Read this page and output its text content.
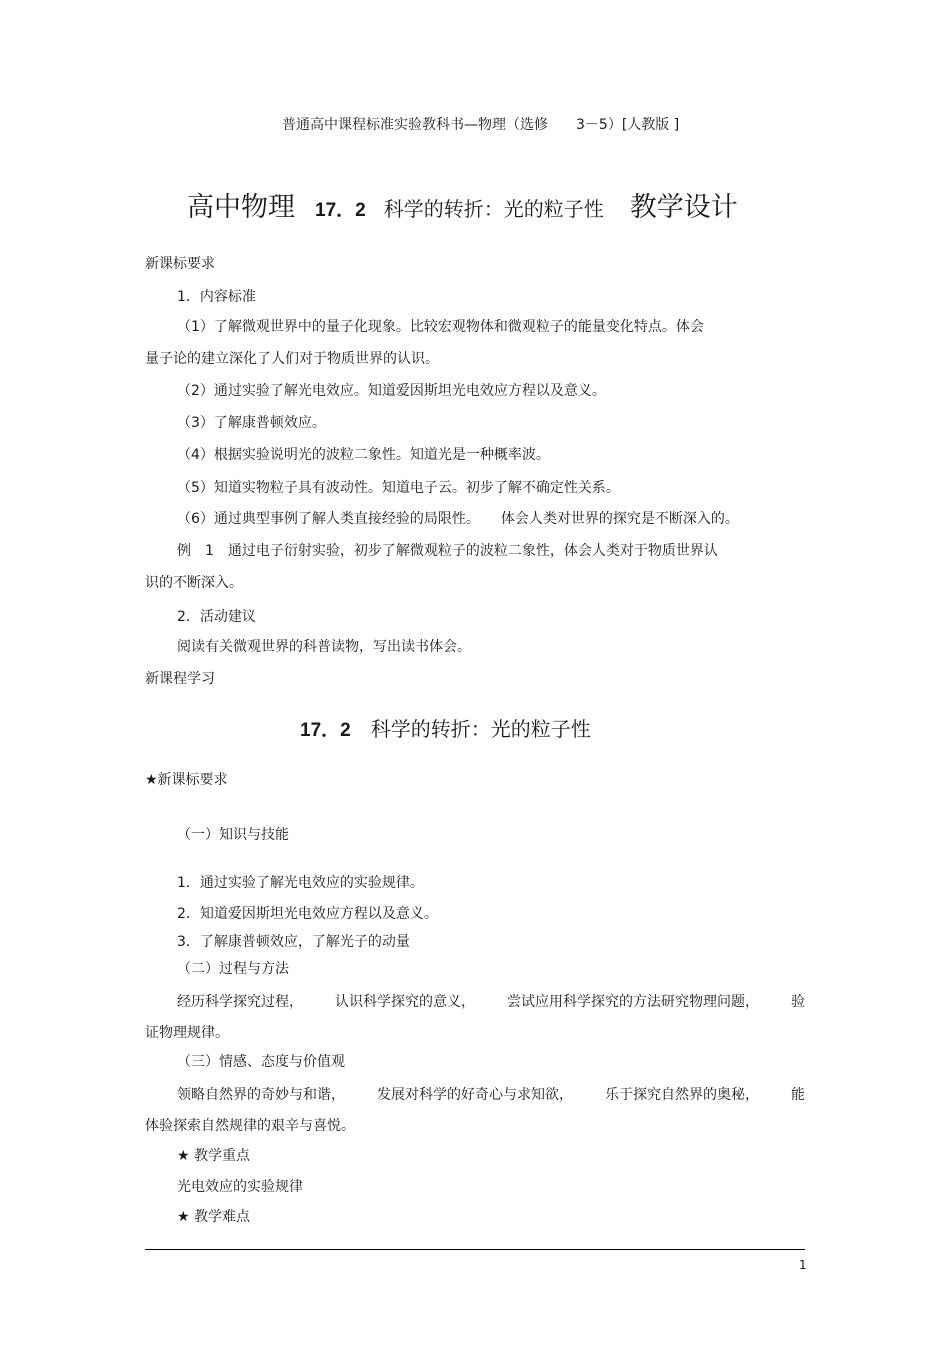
普通高中课程标准实验教科书—物理（选修　　3－5）[人教版 ]
高中物理 17．2 科学的转折：光的粒子性 教学设计
新课标要求
1．内容标准
（1）了解微观世界中的量子化现象。比较宏观物体和微观粒子的能量变化特点。体会
量子论的建立深化了人们对于物质世界的认识。
（2）通过实验了解光电效应。知道爱因斯坦光电效应方程以及意义。
（3）了解康普顿效应。
（4）根据实验说明光的波粒二象性。知道光是一种概率波。
（5）知道实物粒子具有波动性。知道电子云。初步了解不确定性关系。
（6）通过典型事例了解人类直接经验的局限性。　　体会人类对世界的探究是不断深入的。
例　1　通过电子衍射实验，初步了解微观粒子的波粒二象性，体会人类对于物质世界认
识的不断深入。
2．活动建议
阅读有关微观世界的科普读物，写出读书体会。
新课程学习
17．2 科学的转折：光的粒子性
★新课标要求
（一）知识与技能
1．通过实验了解光电效应的实验规律。
2．知道爱因斯坦光电效应方程以及意义。
3．了解康普顿效应，了解光子的动量
（二）过程与方法
经历科学探究过程， 认识科学探究的意义， 尝试应用科学探究的方法研究物理问题， 验
证物理规律。
（三）情感、态度与价值观
领略自然界的奇妙与和谐， 发展对科学的好奇心与求知欲， 乐于探究自然界的奥秘， 能
体验探索自然规律的艰辛与喜悦。
★ 教学重点
光电效应的实验规律
★ 教学难点
1
